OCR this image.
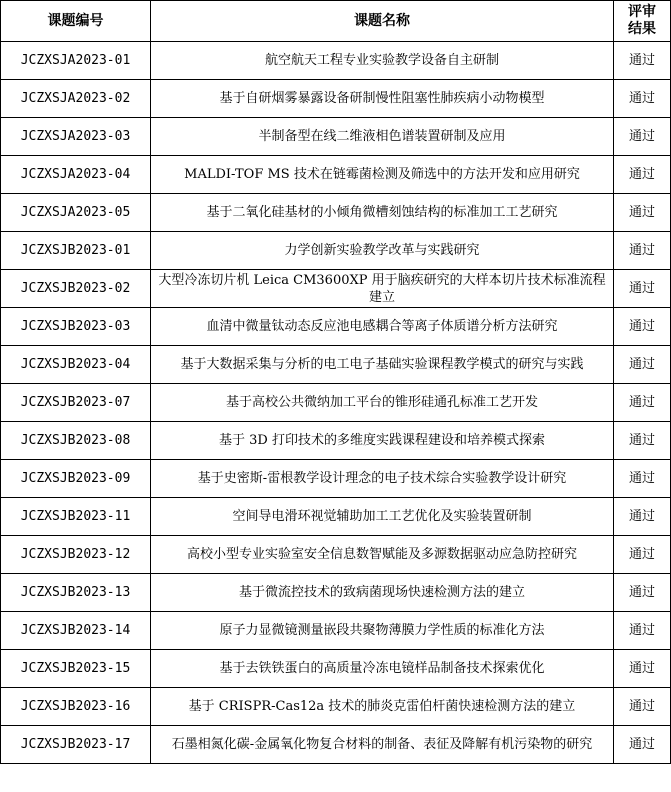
课题编号	课题名称	评审
结果
JCZXSJA2023-01	航空航天工程专业实验教学设备自主研制	通过
JCZXSJA2023-02	基于自研烟雾暴露设备研制慢性阻塞性肺疾病小动物模型	通过
JCZXSJA2023-03	半制备型在线二维液相色谱装置研制及应用	通过
JCZXSJA2023-04	MALDI-TOF MS 技术在链霉菌检测及筛选中的方法开发和应用研究	通过
JCZXSJA2023-05	基于二氧化硅基材的小倾角微槽刻蚀结构的标准加工工艺研究	通过
JCZXSJB2023-01	力学创新实验教学改革与实践研究	通过
JCZXSJB2023-02	大型冷冻切片机 Leica CM3600XP 用于脑疾研究的大样本切片技术标准流程建立	通过
JCZXSJB2023-03	血清中微量钛动态反应池电感耦合等离子体质谱分析方法研究	通过
JCZXSJB2023-04	基于大数据采集与分析的电工电子基础实验课程教学模式的研究与实践	通过
JCZXSJB2023-07	基于高校公共微纳加工平台的锥形硅通孔标准工艺开发	通过
JCZXSJB2023-08	基于 3D 打印技术的多维度实践课程建设和培养模式探索	通过
JCZXSJB2023-09	基于史密斯-雷根教学设计理念的电子技术综合实验教学设计研究	通过
JCZXSJB2023-11	空间导电滑环视觉辅助加工工艺优化及实验装置研制	通过
JCZXSJB2023-12	高校小型专业实验室安全信息数智赋能及多源数据驱动应急防控研究	通过
JCZXSJB2023-13	基于微流控技术的致病菌现场快速检测方法的建立	通过
JCZXSJB2023-14	原子力显微镜测量嵌段共聚物薄膜力学性质的标准化方法	通过
JCZXSJB2023-15	基于去铁铁蛋白的高质量冷冻电镜样品制备技术探索优化	通过
JCZXSJB2023-16	基于 CRISPR-Cas12a 技术的肺炎克雷伯杆菌快速检测方法的建立	通过
JCZXSJB2023-17	石墨相氮化碳-金属氧化物复合材料的制备、表征及降解有机污染物的研究	通过
